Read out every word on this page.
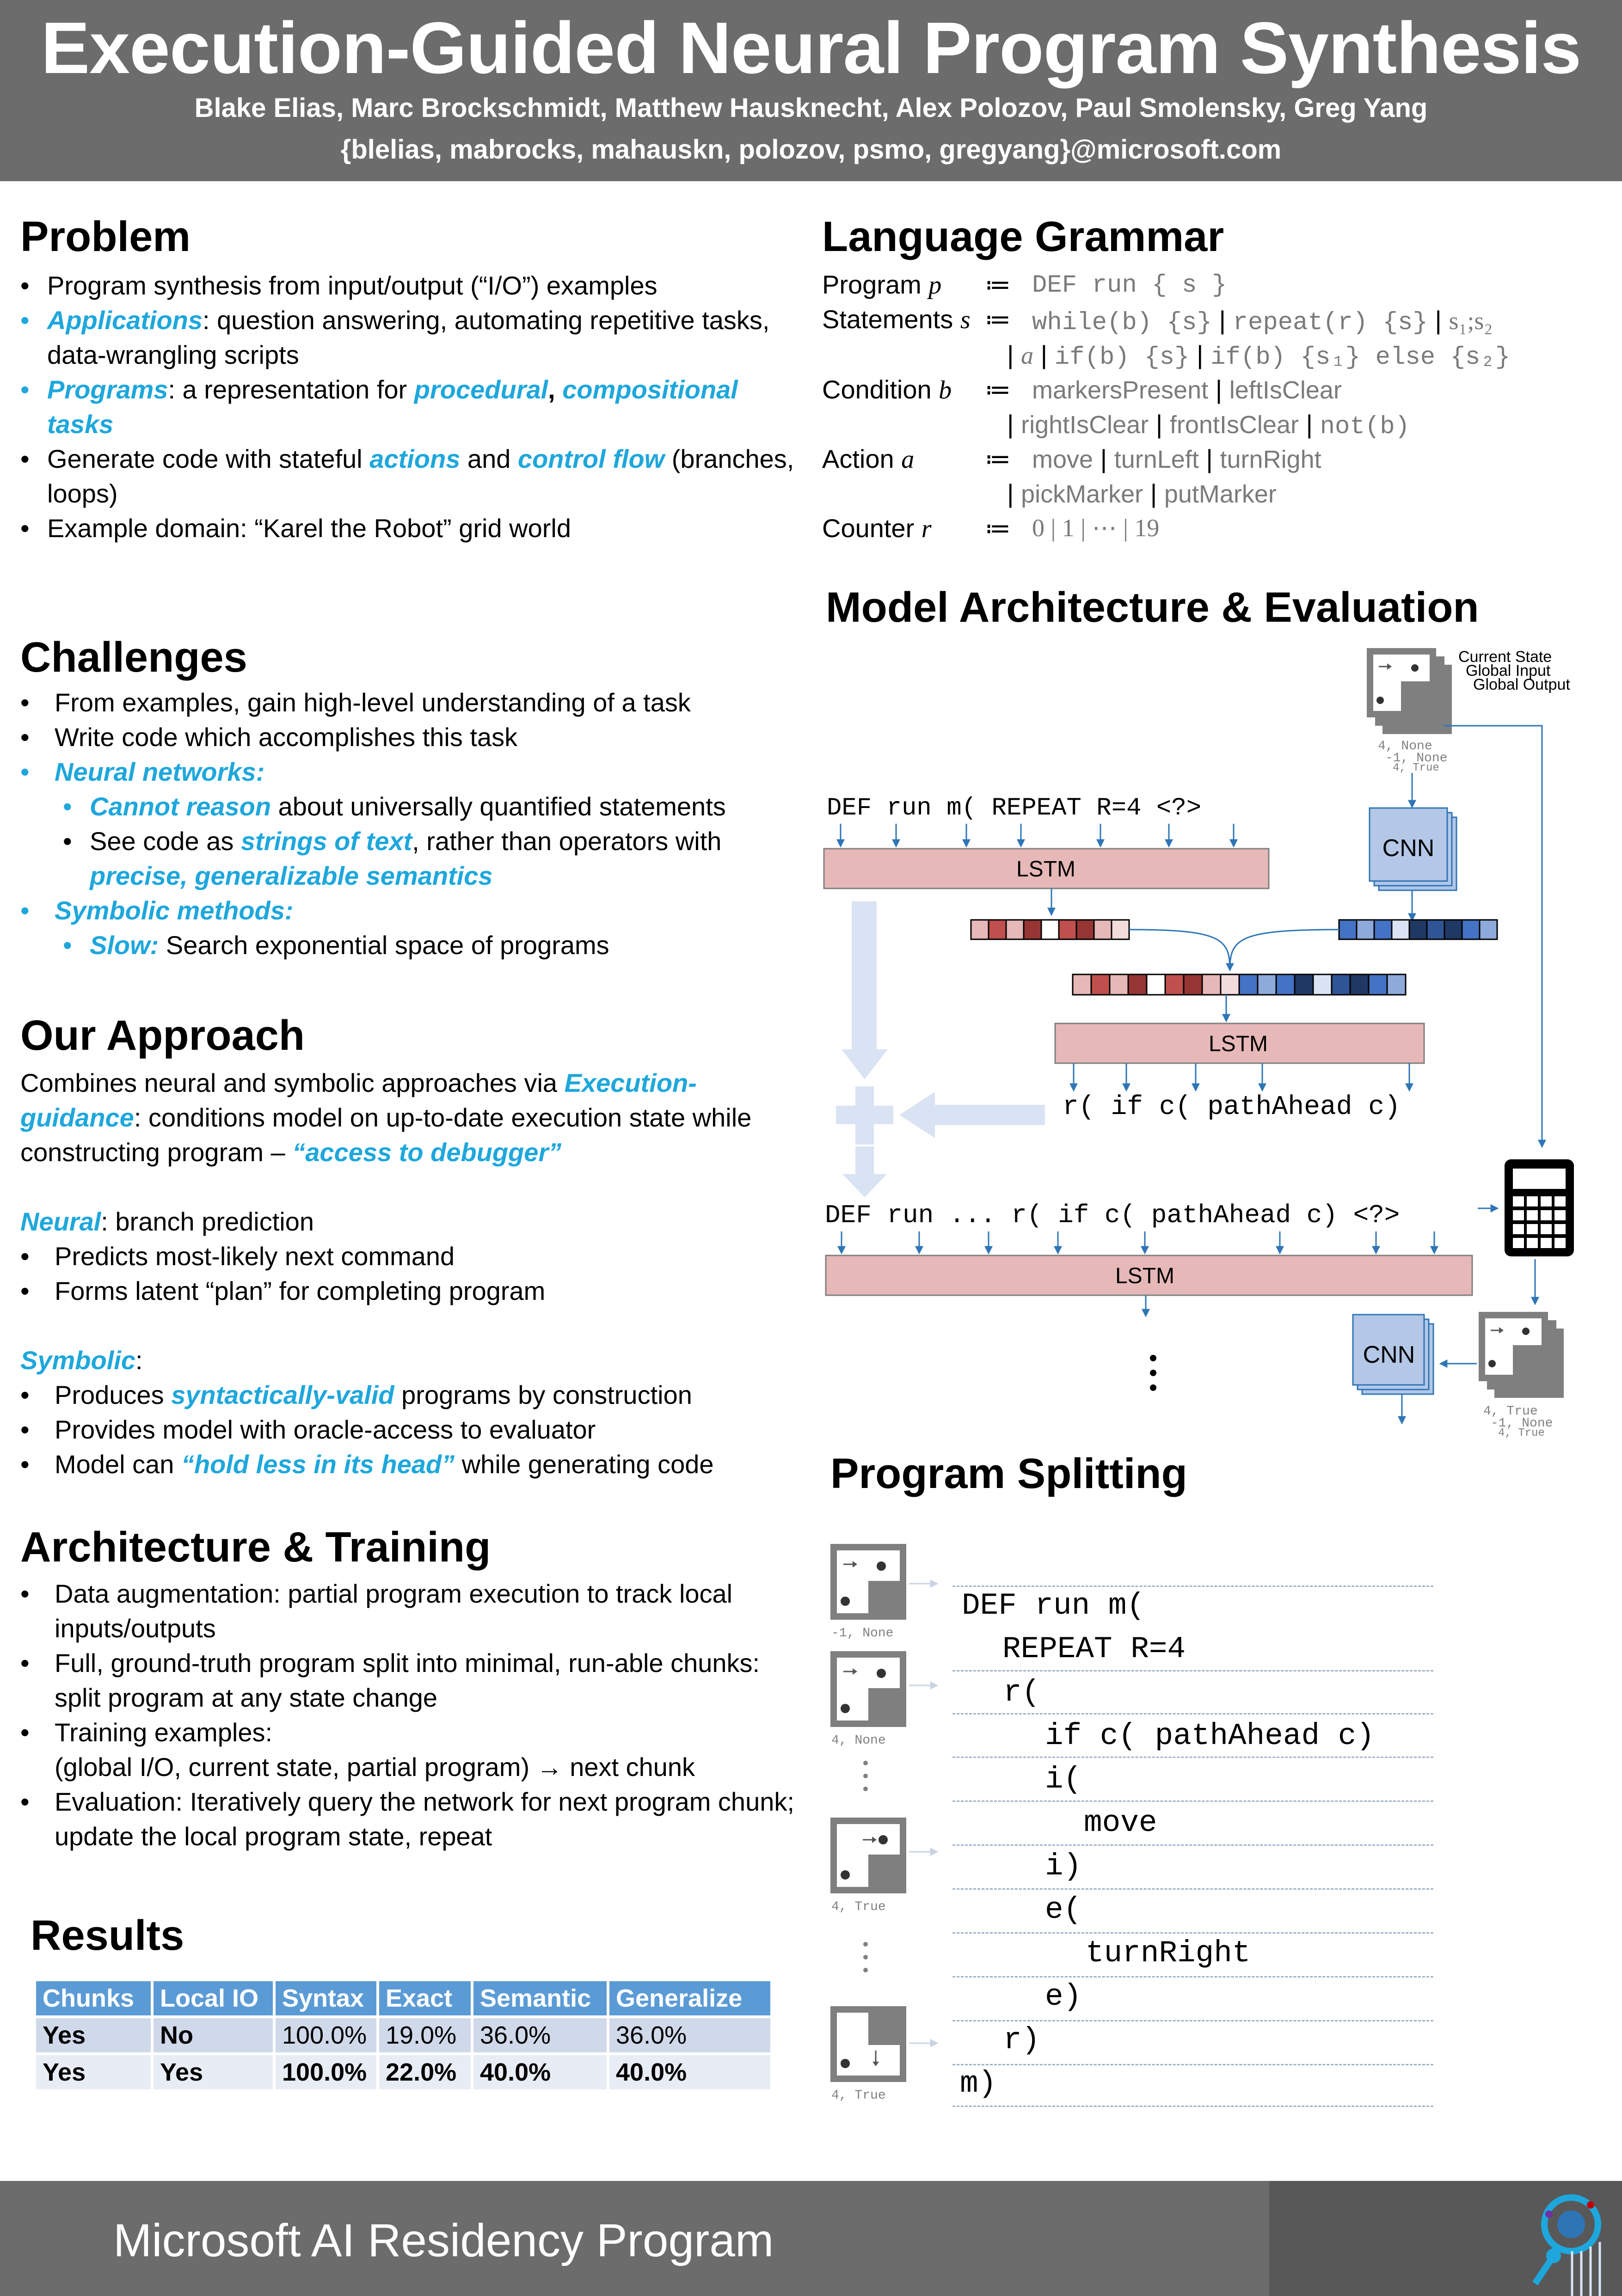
Execution-Guided Neural Program Synthesis
Blake Elias, Marc Brockschmidt, Matthew Hausknecht, Alex Polozov, Paul Smolensky, Greg Yang
{blelias, mabrocks, mahauskn, polozov, psmo, gregyang}@microsoft.com
Problem
• Program synthesis from input/output (“I/O”) examples
• Applications: question answering, automating repetitive tasks, data-wrangling scripts
• Programs: a representation for procedural, compositional tasks
• Generate code with stateful actions and control flow (branches, loops)
• Example domain: “Karel the Robot” grid world
Challenges
• From examples, gain high-level understanding of a task
• Write code which accomplishes this task
• Neural networks:
• Cannot reason about universally quantified statements
• See code as strings of text, rather than operators with precise, generalizable semantics
• Symbolic methods:
• Slow: Search exponential space of programs
Our Approach
Combines neural and symbolic approaches via Execution-guidance: conditions model on up-to-date execution state while constructing program – “access to debugger”
Neural: branch prediction
• Predicts most-likely next command
• Forms latent “plan” for completing program
Symbolic:
• Produces syntactically-valid programs by construction
• Provides model with oracle-access to evaluator
• Model can “hold less in its head” while generating code
Architecture & Training
• Data augmentation: partial program execution to track local inputs/outputs
• Full, ground-truth program split into minimal, run-able chunks: split program at any state change
• Training examples:
(global I/O, current state, partial program) → next chunk
• Evaluation: Iteratively query the network for next program chunk; update the local program state, repeat
Results
Chunks	Local IO	Syntax	Exact	Semantic	Generalize
Yes	No	100.0%	19.0%	36.0%	36.0%
Yes	Yes	100.0%	22.0%	40.0%	40.0%
Language Grammar
Program p ≔ DEF run { s }
Statements s ≔ while(b) {s} | repeat(r) {s} | s₁;s₂
| a | if(b) {s} | if(b) {s₁} else {s₂}
Condition b ≔ markersPresent | leftIsClear
| rightIsClear | frontIsClear | not(b)
Action a	≔ move | turnLeft | turnRight
| pickMarker | putMarker
Counter r ≔ 0 | 1 | ⋯ | 19
Model Architecture & Evaluation
Current State
Global Input
Global Output
4, None
-1, None
4, True
CNN
DEF run m( REPEAT R=4 <?>
LSTM
LSTM
r( if c( pathAhead c)
DEF run ... r( if c( pathAhead c) <?>
LSTM
CNN
4, True
-1, None
4, True
Program Splitting
DEF run m(
REPEAT R=4
r(
if c( pathAhead c)
i(
move
i)
e(
turnRight
e)
r)
m)
-1, None
4, None
4, True
4, True
Microsoft AI Residency Program
